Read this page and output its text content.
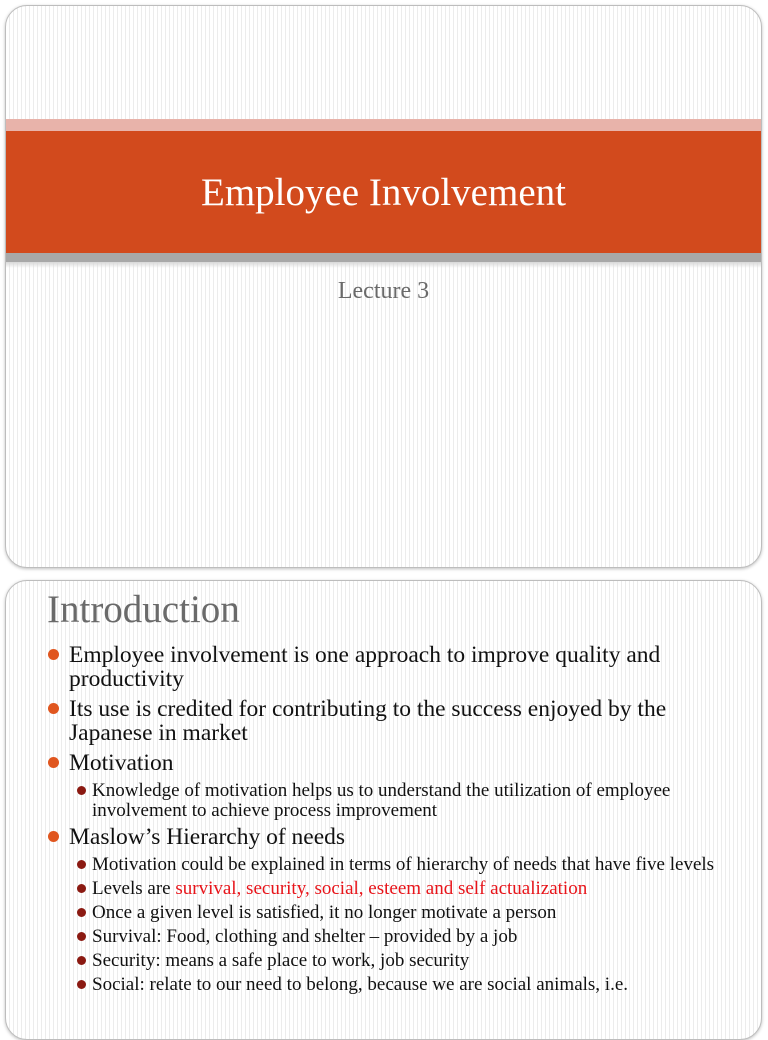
Employee Involvement
Lecture 3
Introduction
Employee involvement is one approach to improve quality and productivity
Its use is credited for contributing to the success enjoyed by the Japanese in market
Motivation
Knowledge of motivation helps us to understand the utilization of employee involvement to achieve process improvement
Maslow’s Hierarchy of needs
Motivation could be explained in terms of hierarchy of needs that have five levels
Levels are survival, security, social, esteem and self actualization
Once a given level is satisfied, it no longer motivate a person
Survival: Food, clothing and shelter – provided by a job
Security: means a safe place to work, job security
Social: relate to our need to belong, because we are social animals, i.e.
